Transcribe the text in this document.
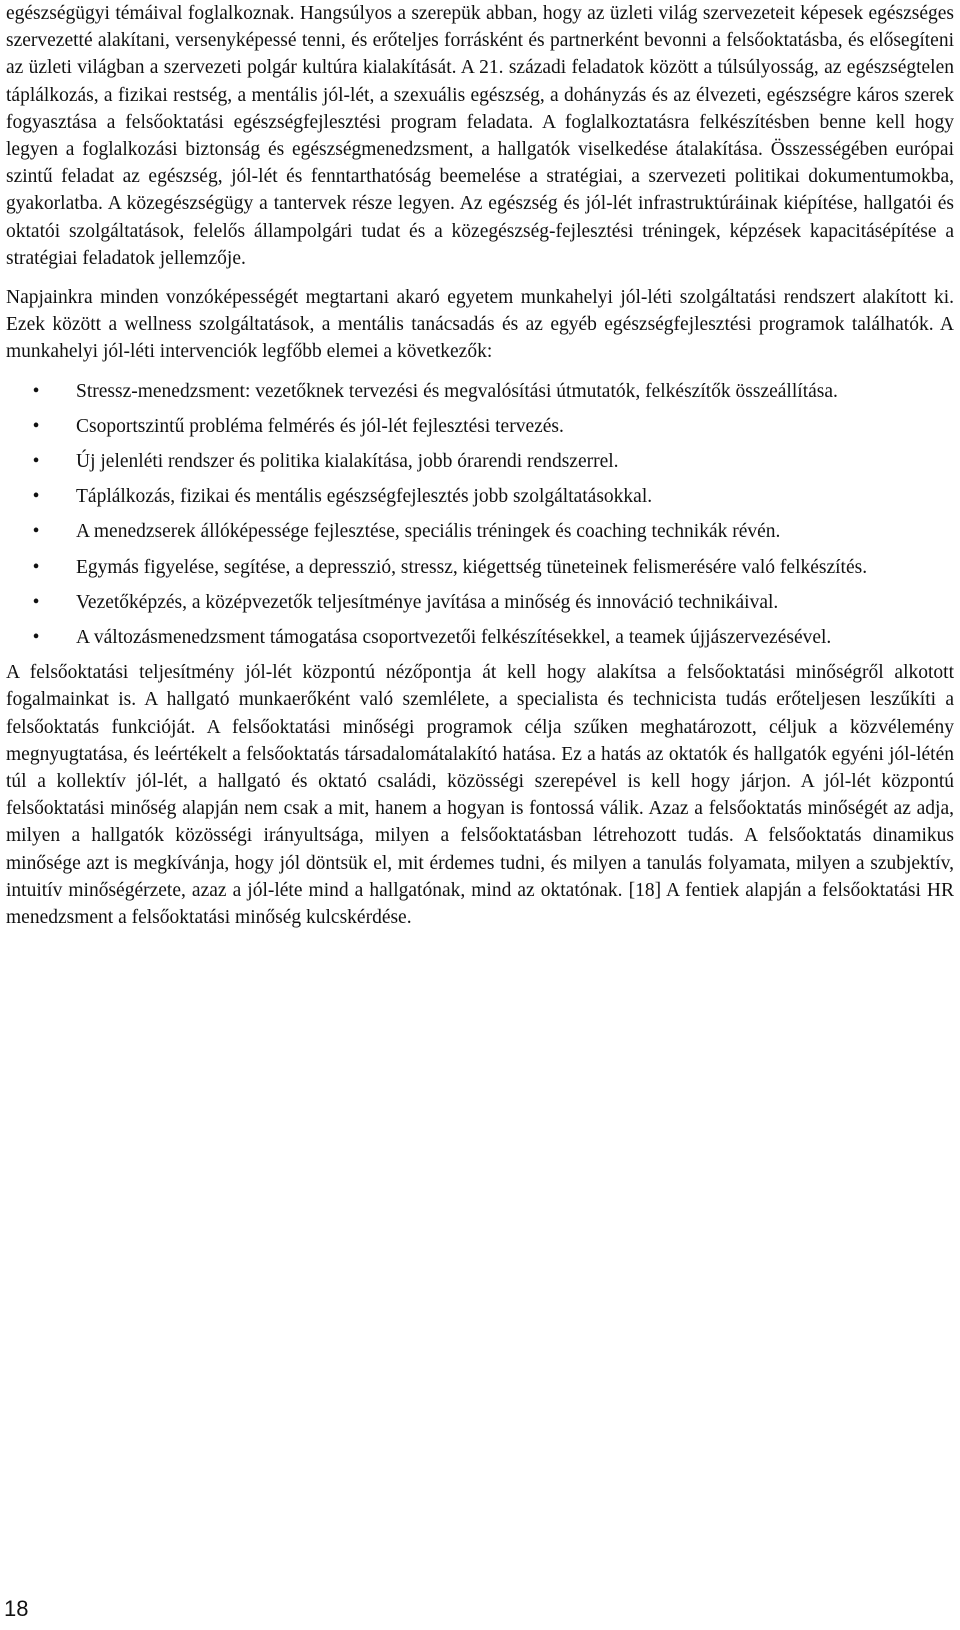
egészségügyi témáival foglalkoznak. Hangsúlyos a szerepük abban, hogy az üzleti világ szervezeteit képesek egészséges szervezetté alakítani, versenyképessé tenni, és erőteljes forrásként és partnerként bevonni a felsőoktatásba, és elősegíteni az üzleti világban a szervezeti polgár kultúra kialakítását. A 21. századi feladatok között a túlsúlyosság, az egészségtelen táplálkozás, a fizikai restség, a mentális jól-lét, a szexuális egészség, a dohányzás és az élvezeti, egészségre káros szerek fogyasztása a felsőoktatási egészségfejlesztési program feladata. A foglalkoztatásra felkészítésben benne kell hogy legyen a foglalkozási biztonság és egészségmenedzsment, a hallgatók viselkedése átalakítása. Összességében európai szintű feladat az egészség, jól-lét és fenntarthatóság beemelése a stratégiai, a szervezeti politikai dokumentumokba, gyakorlatba. A közegészségügy a tantervek része legyen. Az egészség és jól-lét infrastruktúráinak kiépítése, hallgatói és oktatói szolgáltatások, felelős állampolgári tudat és a közegészség-fejlesztési tréningek, képzések kapacitásépítése a stratégiai feladatok jellemzője.

Napjainkra minden vonzóképességét megtartani akaró egyetem munkahelyi jól-léti szolgáltatási rendszert alakított ki. Ezek között a wellness szolgáltatások, a mentális tanácsadás és az egyéb egészségfejlesztési programok találhatók. A munkahelyi jól-léti intervenciók legfőbb elemei a következők:

•	Stressz-menedzsment: vezetőknek tervezési és megvalósítási útmutatók, felkészítők összeállítása.
•	Csoportszintű probléma felmérés és jól-lét fejlesztési tervezés.
•	Új jelenléti rendszer és politika kialakítása, jobb órarendi rendszerrel.
•	Táplálkozás, fizikai és mentális egészségfejlesztés jobb szolgáltatásokkal.
•	A menedzserek állóképessége fejlesztése, speciális tréningek és coaching technikák révén.
•	Egymás figyelése, segítése, a depresszió, stressz, kiégettség tüneteinek felismerésére való felkészítés.
•	Vezetőképzés, a középvezetők teljesítménye javítása a minőség és innováció technikáival.
•	A változásmenedzsment támogatása csoportvezetői felkészítésekkel, a teamek újjászervezésével.

A felsőoktatási teljesítmény jól-lét központú nézőpontja át kell hogy alakítsa a felsőoktatási minőségről alkotott fogalmainkat is. A hallgató munkaerőként való szemlélete, a specialista és technicista tudás erőteljesen leszűkíti a felsőoktatás funkcióját. A felsőoktatási minőségi programok célja szűken meghatározott, céljuk a közvélemény megnyugtatása, és leértékelt a felsőoktatás társadalomátalakító hatása. Ez a hatás az oktatók és hallgatók egyéni jól-létén túl a kollektív jól-lét, a hallgató és oktató családi, közösségi szerepével is kell hogy járjon. A jól-lét központú felsőoktatási minőség alapján nem csak a mit, hanem a hogyan is fontossá válik. Azaz a felsőoktatás minőségét az adja, milyen a hallgatók közösségi irányultsága, milyen a felsőoktatásban létrehozott tudás. A felsőoktatás dinamikus minősége azt is megkívánja, hogy jól döntsük el, mit érdemes tudni, és milyen a tanulás folyamata, milyen a szubjektív, intuitív minőségérzete, azaz a jól-léte mind a hallgatónak, mind az oktatónak. [18] A fentiek alapján a felsőoktatási HR menedzsment a felsőoktatási minőség kulcskérdése.

18
